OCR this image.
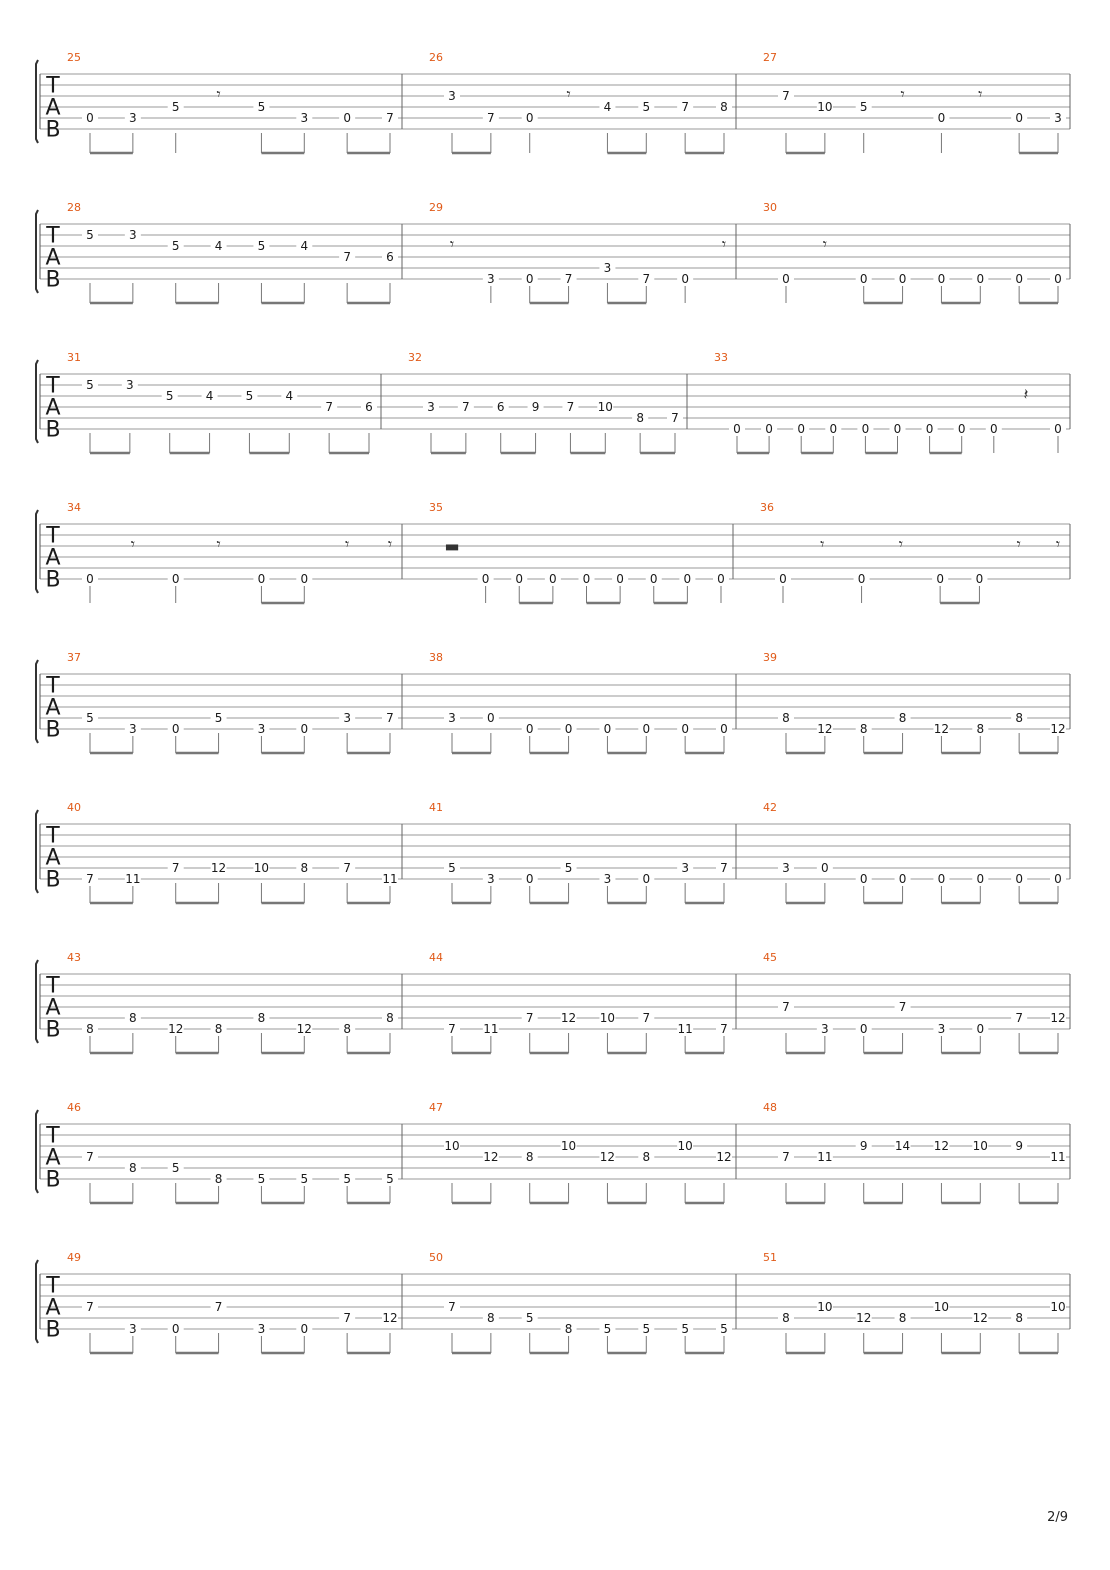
T
A
B
25
0	3
5
𝄾
5
3	0	7
26
3
7	0
𝄾
4	5	7	8
27
7
10 5
𝄾
0
𝄾
0	3
T
A
B
28
5	3
5	4	5	4
7	6
29
𝄾
3	0	7
3
7	0
𝄾
30
0
𝄾
0	0	0	0	0	0
T
A
B
31
5	3
5	4	5	4
7	6
32
3 7 6 9 7 10
8 7
33
0 0 0 0 0 0 0 0 0
𝄽
0
T
A
B
34
0
𝄾
0
𝄾
0	0
𝄾 𝄾
35
▬
0 0 0 0 0 0 0 0
36
0
𝄾
0
𝄾
0	0
𝄾 𝄾
T
A
B
37
5
3	0
5
3	0
3	7
38
3	0
0	0	0	0	0	0
39
8
12 8
8
12 8
8
12
T
A
B
40
7	11
7	12 10	8	7
11
41
5
3	0
5
3	0
3	7
42
3	0
0	0	0	0	0	0
T
A
B
43
8
8
12	8
8
12	8
8
44
7 11
7 12 10 7
11 7
45
7
3	0
7
3	0
7 12
T
A
B
46
7
8	5
8	5	5	5	5
47
10
12 8
10
12 8
10
12
48
7 11
9 14 12 10 9
11
T
A
B
49
7
3	0
7
3	0
7	12
50
7
8	5
8	5	5	5	5
51
8
10
12 8
10
12 8
10
2/9
